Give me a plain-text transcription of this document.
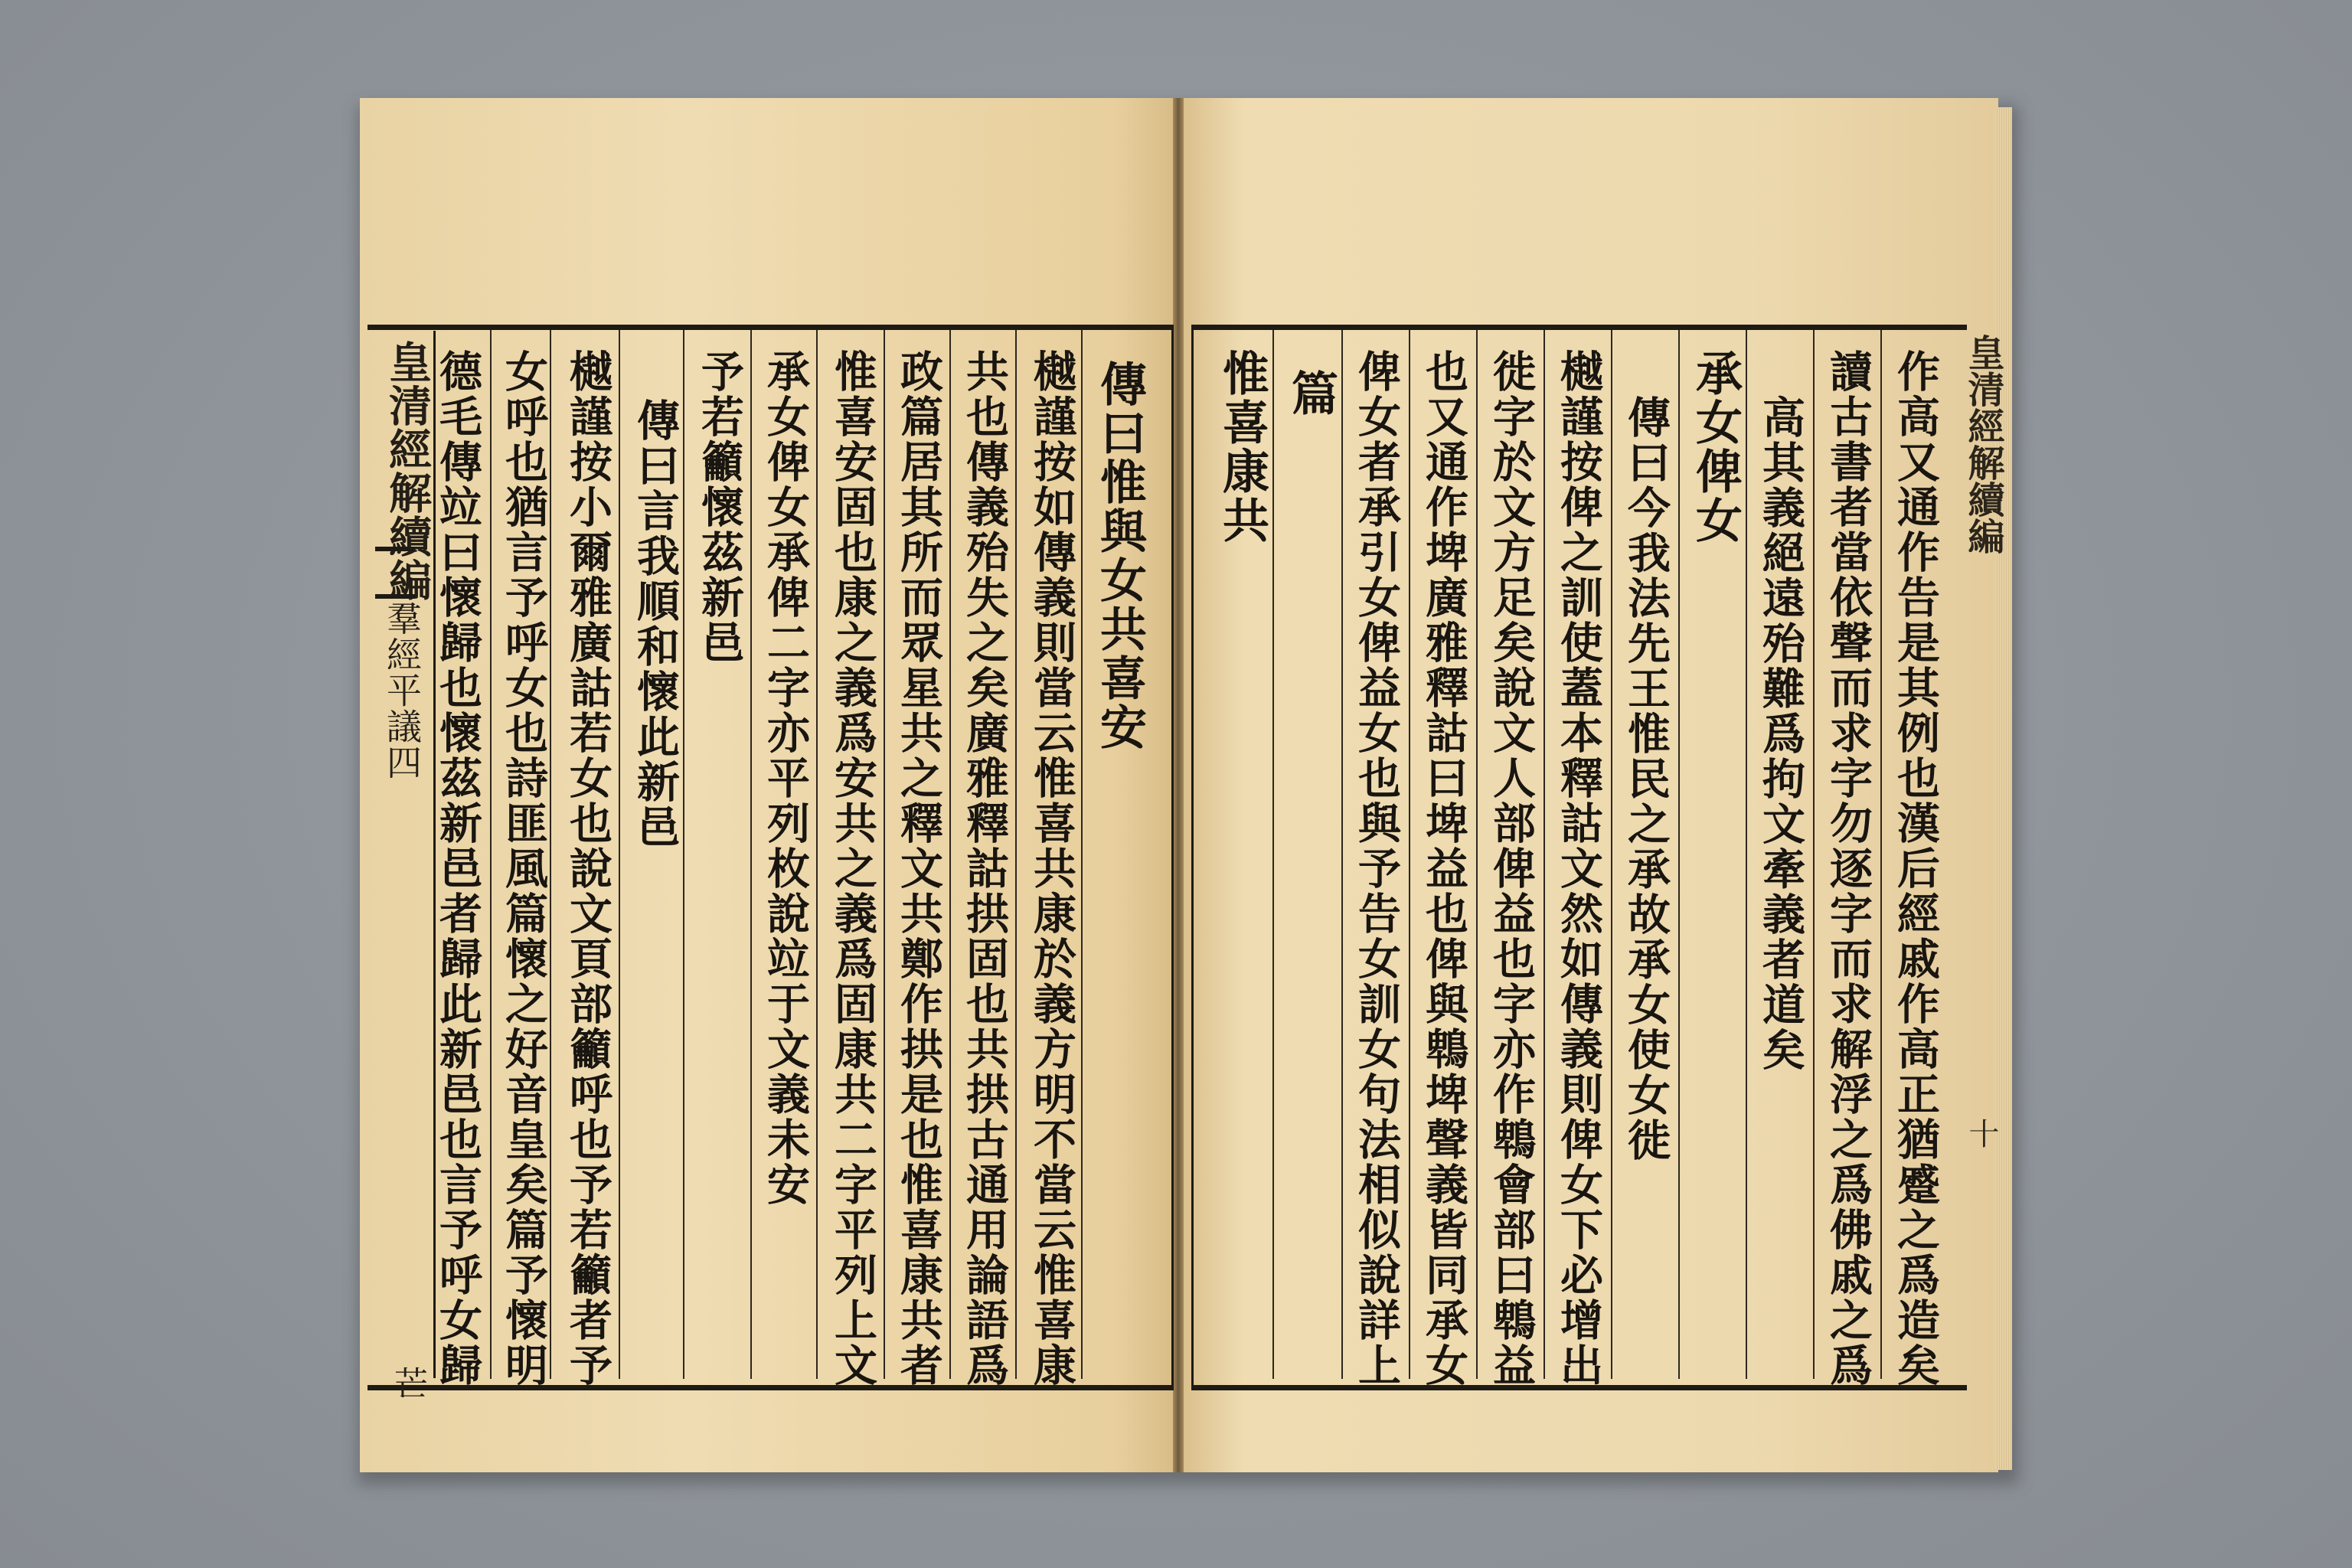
皇清經解續編
羣經平議四
芒
傳曰惟與女共喜安
樾謹按如傳義則當云惟喜共康於義方明不當云惟喜康
共也傳義殆失之矣廣雅釋詁拱固也共拱古通用論語爲
政篇居其所而眾星共之釋文共鄭作拱是也惟喜康共者
惟喜安固也康之義爲安共之義爲固康共二字平列上文
承女俾女承俾二字亦平列枚說竝于文義未安
予若籲懷茲新邑
傳曰言我順和懷此新邑
樾謹按小爾雅廣詁若女也說文頁部籲呼也予若籲者予
女呼也猶言予呼女也詩匪風篇懷之好音皇矣篇予懷明
德毛傳竝曰懷歸也懷茲新邑者歸此新邑也言予呼女歸	皇清經解續編
十
作高又通作告是其例也漢后經戚作高正猶蹙之爲造矣
讀古書者當依聲而求字勿逐字而求解浮之爲佛戚之爲
高其義絕遠殆難爲拘文牽義者道矣
承女俾女
傳曰今我法先王惟民之承故承女使女徙
樾謹按俾之訓使蓋本釋詁文然如傳義則俾女下必增出
徙字於文方足矣說文人部俾益也字亦作鵯會部曰鵯益
也又通作埤廣雅釋詁曰埤益也俾與鵯埤聲義皆同承女
俾女者承引女俾益女也與予告女訓女句法相似說詳上
篇
惟喜康共
